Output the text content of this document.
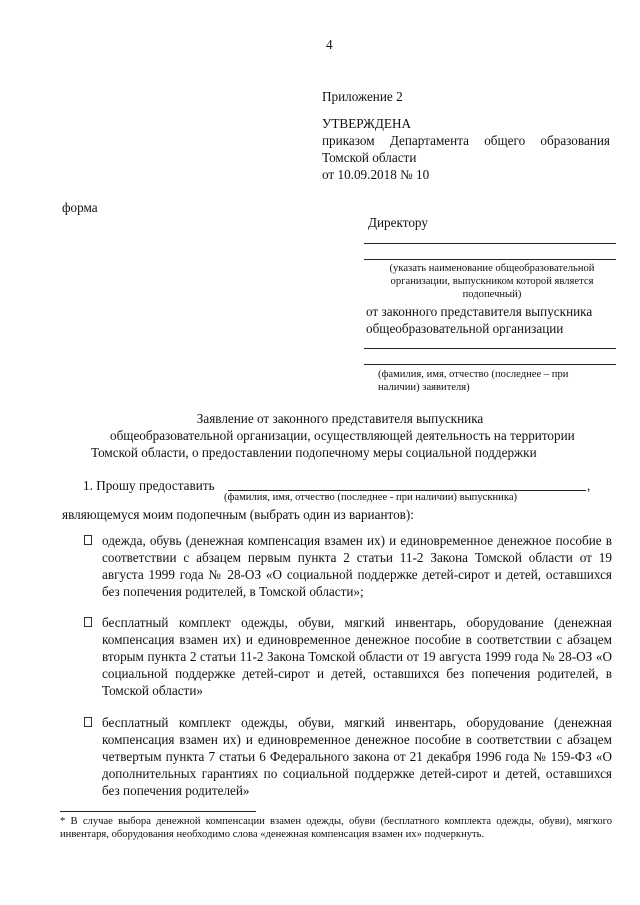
4
Приложение 2
УТВЕРЖДЕНА
приказом Департамента общего образования
Томской области
от 10.09.2018 № 10
форма
Директору
(указать наименование общеобразовательной организации, выпускником которой является подопечный)
от законного представителя выпускника
общеобразовательной организации
(фамилия, имя, отчество (последнее – при наличии) заявителя)
Заявление от законного представителя выпускника
общеобразовательной организации, осуществляющей деятельность на территории
Томской области, о предоставлении подопечному меры социальной поддержки
1. Прошу предоставить	,
(фамилия, имя, отчество (последнее - при наличии) выпускника)
являющемуся моим подопечным (выбрать один из вариантов):
одежда, обувь (денежная компенсация взамен их) и единовременное денежное пособие в соответствии с абзацем первым пункта 2 статьи 11-2 Закона Томской области от 19 августа 1999 года № 28-ОЗ «О социальной поддержке детей-сирот и детей, оставшихся без попечения родителей, в Томской области»;
бесплатный комплект одежды, обуви, мягкий инвентарь, оборудование (денежная компенсация взамен их) и единовременное денежное пособие в соответствии с абзацем вторым пункта 2 статьи 11-2 Закона Томской области от 19 августа 1999 года № 28-ОЗ «О социальной поддержке детей-сирот и детей, оставшихся без попечения родителей, в Томской области»
бесплатный комплект одежды, обуви, мягкий инвентарь, оборудование (денежная компенсация взамен их) и единовременное денежное пособие в соответствии с абзацем четвертым пункта 7 статьи 6 Федерального закона от 21 декабря 1996 года № 159-ФЗ «О дополнительных гарантиях по социальной поддержке детей-сирот и детей, оставшихся без попечения родителей»
* В случае выбора денежной компенсации взамен одежды, обуви (бесплатного комплекта одежды, обуви), мягкого инвентаря, оборудования необходимо слова «денежная компенсация взамен их» подчеркнуть.
